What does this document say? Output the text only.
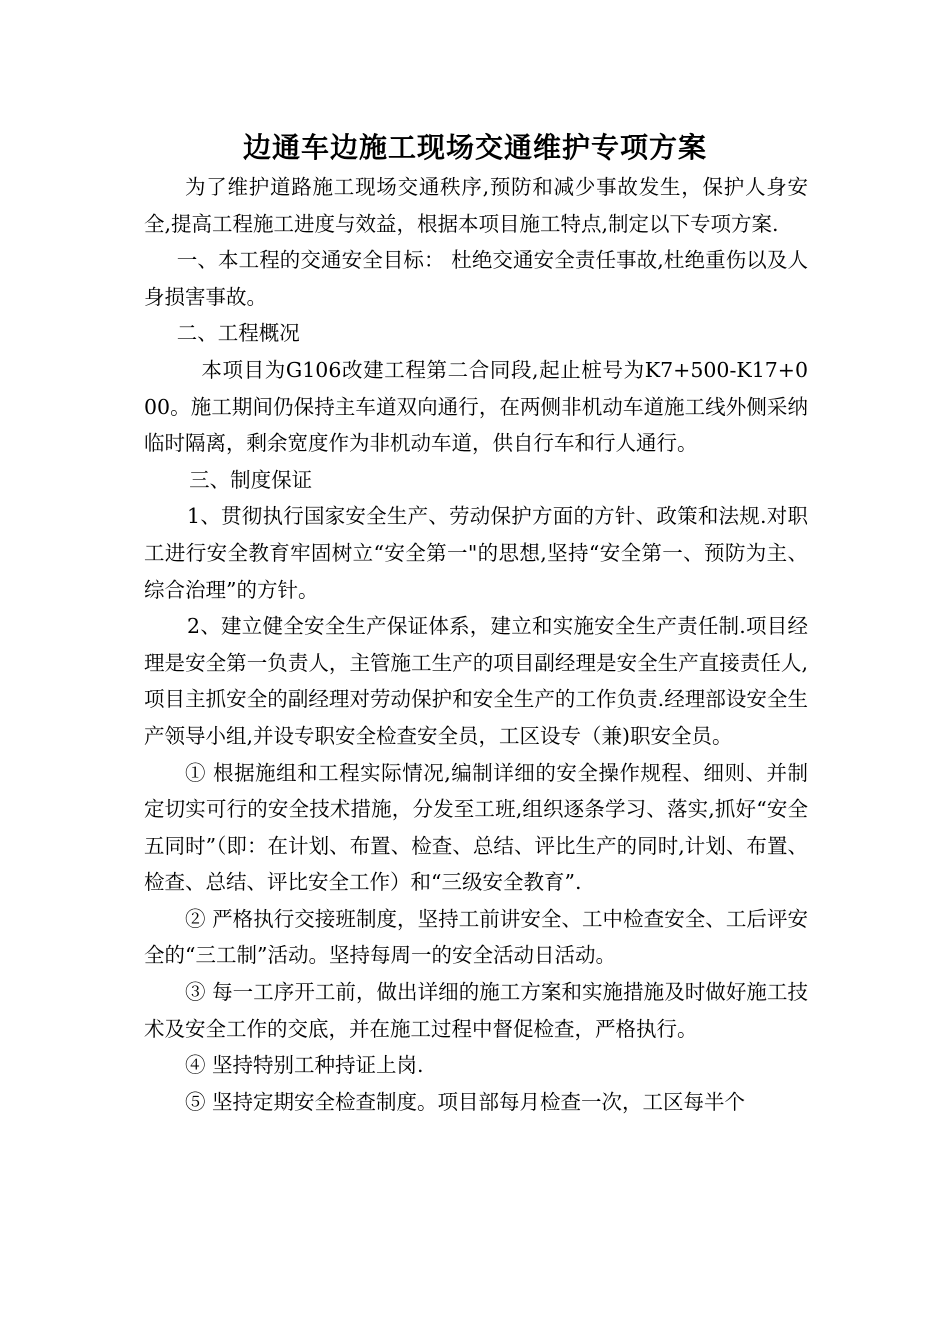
边通车边施工现场交通维护专项方案

为了维护道路施工现场交通秩序,预防和减少事故发生，保护人身安全,提高工程施工进度与效益，根据本项目施工特点,制定以下专项方案.

一、本工程的交通安全目标： 杜绝交通安全责任事故,杜绝重伤以及人身损害事故。

二、工程概况

本项目为G106改建工程第二合同段,起止桩号为K7+500-K17+000。施工期间仍保持主车道双向通行，在两侧非机动车道施工线外侧采纳临时隔离，剩余宽度作为非机动车道，供自行车和行人通行。

三、制度保证

1、贯彻执行国家安全生产、劳动保护方面的方针、政策和法规.对职工进行安全教育牢固树立“安全第一"的思想,坚持“安全第一、预防为主、综合治理”的方针。

2、建立健全安全生产保证体系，建立和实施安全生产责任制.项目经理是安全第一负责人，主管施工生产的项目副经理是安全生产直接责任人,项目主抓安全的副经理对劳动保护和安全生产的工作负责.经理部设安全生产领导小组,并设专职安全检查安全员，工区设专（兼)职安全员。

① 根据施组和工程实际情况,编制详细的安全操作规程、细则、并制定切实可行的安全技术措施，分发至工班,组织逐条学习、落实,抓好“安全五同时”（即：在计划、布置、检查、总结、评比生产的同时,计划、布置、检查、总结、评比安全工作）和“三级安全教育”.

② 严格执行交接班制度，坚持工前讲安全、工中检查安全、工后评安全的“三工制”活动。坚持每周一的安全活动日活动。

③ 每一工序开工前，做出详细的施工方案和实施措施及时做好施工技术及安全工作的交底，并在施工过程中督促检查，严格执行。

④ 坚持特别工种持证上岗.

⑤ 坚持定期安全检查制度。项目部每月检查一次，工区每半个
